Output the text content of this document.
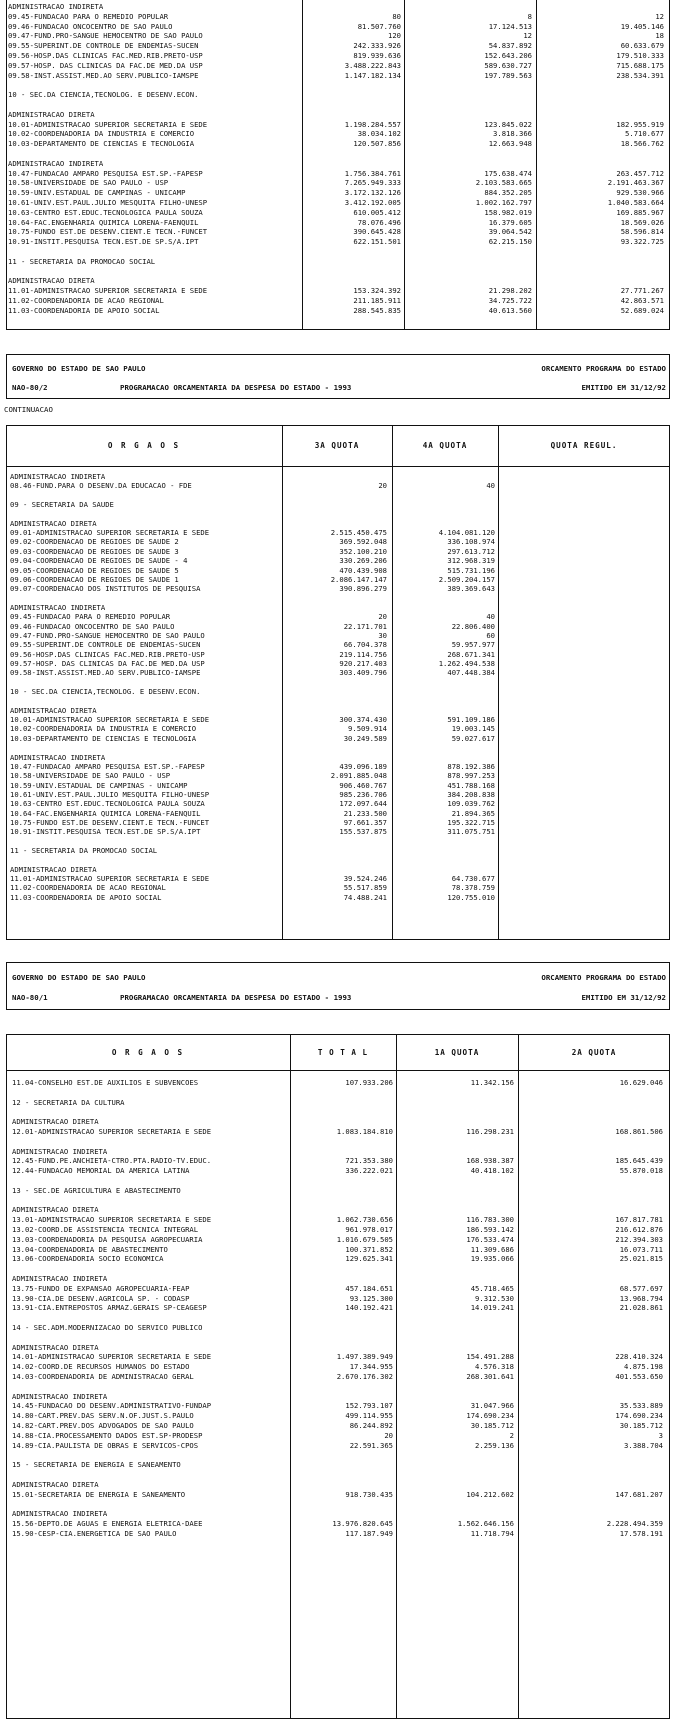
ADMINISTRACAO INDIRETA
09.45-FUNDACAO PARA O REMEDIO POPULAR	80	8	12
09.46-FUNDACAO ONCOCENTRO DE SAO PAULO	81.507.760	17.124.513	19.405.146
09.47-FUND.PRO-SANGUE HEMOCENTRO DE SAO PAULO	120	12	18
09.55-SUPERINT.DE CONTROLE DE ENDEMIAS-SUCEN	242.333.926	54.837.892	60.633.679
09.56-HOSP.DAS CLINICAS FAC.MED.RIB.PRETO-USP	819.939.636	152.643.206	179.510.333
09.57-HOSP. DAS CLINICAS DA FAC.DE MED.DA USP	3.488.222.843	589.630.727	715.688.175
09.58-INST.ASSIST.MED.AO SERV.PUBLICO-IAMSPE	1.147.182.134	197.789.563	238.534.391
10 - SEC.DA CIENCIA,TECNOLOG. E DESENV.ECON.
ADMINISTRACAO DIRETA
10.01-ADMINISTRACAO SUPERIOR SECRETARIA E SEDE	1.198.284.557	123.845.022	182.955.919
10.02-COORDENADORIA DA INDUSTRIA E COMERCIO	38.034.102	3.818.366	5.710.677
10.03-DEPARTAMENTO DE CIENCIAS E TECNOLOGIA	120.507.856	12.663.948	18.566.762
ADMINISTRACAO INDIRETA
10.47-FUNDACAO AMPARO PESQUISA EST.SP.-FAPESP	1.756.384.761	175.638.474	263.457.712
10.58-UNIVERSIDADE DE SAO PAULO - USP	7.265.949.333	2.103.583.665	2.191.463.367
10.59-UNIV.ESTADUAL DE CAMPINAS - UNICAMP	3.172.132.126	884.352.205	929.530.966
10.61-UNIV.EST.PAUL.JULIO MESQUITA FILHO-UNESP	3.412.192.005	1.002.162.797	1.040.583.664
10.63-CENTRO EST.EDUC.TECNOLOGICA PAULA SOUZA	610.005.412	158.982.019	169.885.967
10.64-FAC.ENGENHARIA QUIMICA LORENA-FAENQUIL	78.076.496	16.379.605	18.569.026
10.75-FUNDO EST.DE DESENV.CIENT.E TECN.-FUNCET	390.645.428	39.064.542	58.596.814
10.91-INSTIT.PESQUISA TECN.EST.DE SP.S/A.IPT	622.151.501	62.215.150	93.322.725
11 - SECRETARIA DA PROMOCAO SOCIAL
ADMINISTRACAO DIRETA
11.01-ADMINISTRACAO SUPERIOR SECRETARIA E SEDE	153.324.392	21.298.202	27.771.267
11.02-COORDENADORIA DE ACAO REGIONAL	211.185.911	34.725.722	42.863.571
11.03-COORDENADORIA DE APOIO SOCIAL	288.545.835	40.613.560	52.689.024
GOVERNO DO ESTADO DE SAO PAULO	ORCAMENTO PROGRAMA DO ESTADO
NAO-80/2	PROGRAMACAO ORCAMENTARIA DA DESPESA DO ESTADO - 1993	EMITIDO EM 31/12/92
CONTINUACAO
O R G A O S	3A QUOTA	4A QUOTA	QUOTA REGUL.
ADMINISTRACAO INDIRETA
08.46-FUND.PARA O DESENV.DA EDUCACAO - FDE	20	40
09 - SECRETARIA DA SAUDE
ADMINISTRACAO DIRETA
09.01-ADMINISTRACAO SUPERIOR SECRETARIA E SEDE	2.515.450.475	4.104.081.120
09.02-COORDENACAO DE REGIOES DE SAUDE 2	369.592.048	336.108.974
09.03-COORDENACAO DE REGIOES DE SAUDE 3	352.100.210	297.613.712
09.04-COORDENACAO DE REGIOES DE SAUDE - 4	330.269.206	312.968.319
09.05-COORDENACAO DE REGIOES DE SAUDE 5	470.439.908	515.731.196
09.06-COORDENACAO DE REGIOES DE SAUDE 1	2.086.147.147	2.509.204.157
09.07-COORDENACAO DOS INSTITUTOS DE PESQUISA	390.896.279	389.369.643
ADMINISTRACAO INDIRETA
09.45-FUNDACAO PARA O REMEDIO POPULAR	20	40
09.46-FUNDACAO ONCOCENTRO DE SAO PAULO	22.171.701	22.806.400
09.47-FUND.PRO-SANGUE HEMOCENTRO DE SAO PAULO	30	60
09.55-SUPERINT.DE CONTROLE DE ENDEMIAS-SUCEN	66.704.378	59.957.977
09.56-HOSP.DAS CLINICAS FAC.MED.RIB.PRETO-USP	219.114.756	268.671.341
09.57-HOSP. DAS CLINICAS DA FAC.DE MED.DA USP	920.217.403	1.262.494.538
09.58-INST.ASSIST.MED.AO SERV.PUBLICO-IAMSPE	303.409.796	407.448.384
10 - SEC.DA CIENCIA,TECNOLOG. E DESENV.ECON.
ADMINISTRACAO DIRETA
10.01-ADMINISTRACAO SUPERIOR SECRETARIA E SEDE	300.374.430	591.109.186
10.02-COORDENADORIA DA INDUSTRIA E COMERCIO	9.509.914	19.003.145
10.03-DEPARTAMENTO DE CIENCIAS E TECNOLOGIA	30.249.589	59.027.617
ADMINISTRACAO INDIRETA
10.47-FUNDACAO AMPARO PESQUISA EST.SP.-FAPESP	439.096.189	878.192.386
10.58-UNIVERSIDADE DE SAO PAULO - USP	2.091.885.048	878.997.253
10.59-UNIV.ESTADUAL DE CAMPINAS - UNICAMP	906.460.767	451.788.168
10.61-UNIV.EST.PAUL.JULIO MESQUITA FILHO-UNESP	985.236.706	384.208.838
10.63-CENTRO EST.EDUC.TECNOLOGICA PAULA SOUZA	172.097.644	109.039.762
10.64-FAC.ENGENHARIA QUIMICA LORENA-FAENQUIL	21.233.500	21.894.365
10.75-FUNDO EST.DE DESENV.CIENT.E TECN.-FUNCET	97.661.357	195.322.715
10.91-INSTIT.PESQUISA TECN.EST.DE SP.S/A.IPT	155.537.875	311.075.751
11 - SECRETARIA DA PROMOCAO SOCIAL
ADMINISTRACAO DIRETA
11.01-ADMINISTRACAO SUPERIOR SECRETARIA E SEDE	39.524.246	64.730.677
11.02-COORDENADORIA DE ACAO REGIONAL	55.517.859	78.378.759
11.03-COORDENADORIA DE APOIO SOCIAL	74.488.241	120.755.010
GOVERNO DO ESTADO DE SAO PAULO	ORCAMENTO PROGRAMA DO ESTADO
NAO-80/1	PROGRAMACAO ORCAMENTARIA DA DESPESA DO ESTADO - 1993	EMITIDO EM 31/12/92
O R G A O S	T O T A L	1A QUOTA	2A QUOTA
11.04-CONSELHO EST.DE AUXILIOS E SUBVENCOES	107.933.206	11.342.156	16.629.046
12 - SECRETARIA DA CULTURA
ADMINISTRACAO DIRETA
12.01-ADMINISTRACAO SUPERIOR SECRETARIA E SEDE	1.083.184.810	116.298.231	168.861.506
ADMINISTRACAO INDIRETA
12.45-FUND.PE.ANCHIETA-CTRO.PTA.RADIO-TV.EDUC.	721.353.380	168.938.387	185.645.439
12.44-FUNDACAO MEMORIAL DA AMERICA LATINA	336.222.021	40.418.102	55.870.018
13 - SEC.DE AGRICULTURA E ABASTECIMENTO
ADMINISTRACAO DIRETA
13.01-ADMINISTRACAO SUPERIOR SECRETARIA E SEDE	1.062.730.656	116.783.300	167.817.781
13.02-COORD.DE ASSISTENCIA TECNICA INTEGRAL	961.978.017	186.593.142	216.612.876
13.03-COORDENADORIA DA PESQUISA AGROPECUARIA	1.016.679.505	176.533.474	212.394.303
13.04-COORDENADORIA DE ABASTECIMENTO	100.371.852	11.309.686	16.073.711
13.06-COORDENADORIA SOCIO ECONOMICA	129.625.341	19.935.066	25.021.815
ADMINISTRACAO INDIRETA
13.75-FUNDO DE EXPANSAO AGROPECUARIA-FEAP	457.184.651	45.718.465	68.577.697
13.90-CIA.DE DESENV.AGRICOLA SP. - CODASP	93.125.300	9.312.530	13.968.794
13.91-CIA.ENTREPOSTOS ARMAZ.GERAIS SP-CEAGESP	140.192.421	14.019.241	21.028.861
14 - SEC.ADM.MODERNIZACAO DO SERVICO PUBLICO
ADMINISTRACAO DIRETA
14.01-ADMINISTRACAO SUPERIOR SECRETARIA E SEDE	1.497.389.949	154.491.288	228.410.324
14.02-COORD.DE RECURSOS HUMANOS DO ESTADO	17.344.955	4.576.318	4.875.198
14.03-COORDENADORIA DE ADMINISTRACAO GERAL	2.670.176.302	268.301.641	401.553.650
ADMINISTRACAO INDIRETA
14.45-FUNDACAO DO DESENV.ADMINISTRATIVO-FUNDAP	152.793.107	31.047.966	35.533.889
14.80-CART.PREV.DAS SERV.N.OF.JUST.S.PAULO	499.114.955	174.690.234	174.690.234
14.82-CART.PREV.DOS ADVOGADOS DE SAO PAULO	86.244.892	30.185.712	30.185.712
14.88-CIA.PROCESSAMENTO DADOS EST.SP-PRODESP	20	2	3
14.89-CIA.PAULISTA DE OBRAS E SERVICOS-CPOS	22.591.365	2.259.136	3.388.704
15 - SECRETARIA DE ENERGIA E SANEAMENTO
ADMINISTRACAO DIRETA
15.01-SECRETARIA DE ENERGIA E SANEAMENTO	918.730.435	104.212.602	147.681.207
ADMINISTRACAO INDIRETA
15.56-DEPTO.DE AGUAS E ENERGIA ELETRICA-DAEE	13.976.820.645	1.562.646.156	2.228.494.359
15.90-CESP-CIA.ENERGETICA DE SAO PAULO	117.187.949	11.718.794	17.578.191
